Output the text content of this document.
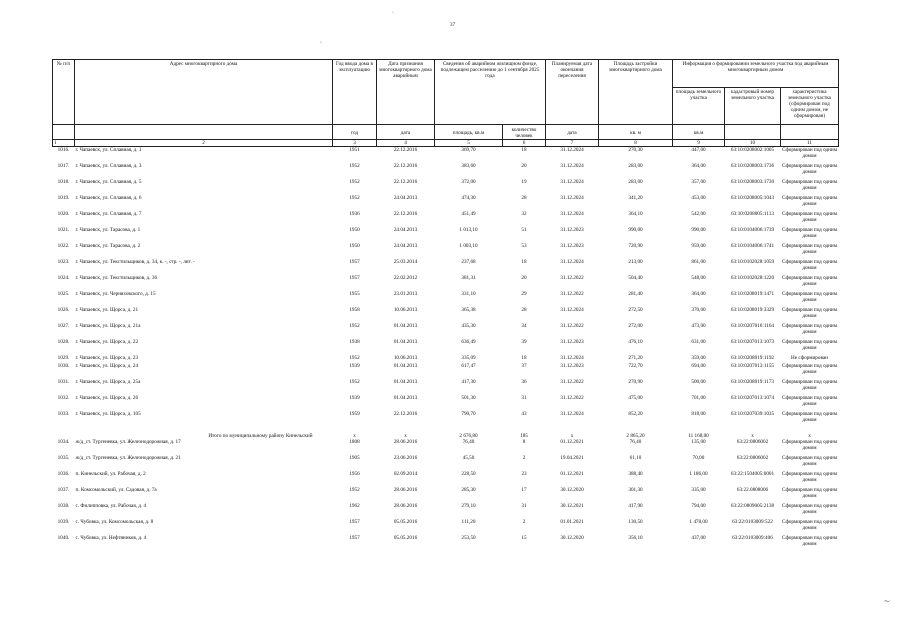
37
·
·
⁓
№ п/п	Адрес многоквартирного дома	Год ввода дома в эксплуатацию	Дата признания многоквартирного дома аварийным	Сведения об аварийном жилищном фонде, подлежащем расселению до 1 сентября 2025 года		Планируемая дата окончания переселения	Площадь застройки многоквартирного дома	Информация о формировании земельного участка под аварийным многоквартирным домом		
								площадь земельного участка	кадастровый номер земельного участка	характеристика земельного участка (сформирован под одним домом, не сформирован)
		год	дата	площадь, кв.м	количество человек	дата	кв. м	кв.м		
1	2	3	4	5	6	7	8	9	10	11
1016.	г. Чапаевск, ул. Сплавная, д. 1	1951	22.12.2016	369,70	18	31.12.2024	270,30	447,00	63:10:0208002:1005	Сформирован под одним домом
1017.	г. Чапаевск, ул. Сплавная, д. 3	1952	22.12.2016	383,60	20	31.12.2024	283,00	364,00	63:10:0208003:1736	Сформирован под одним домом
1018.	г. Чапаевск, ул. Сплавная, д. 5	1952	22.12.2016	372,00	19	31.12.2024	283,00	357,00	63:10:0208003:1730	Сформирован под одним домом
1019.	г. Чапаевск, ул. Сплавная, д. 6	1952	24.04.2013	474,30	28	31.12.2024	341,20	453,00	63:10:0208005:1043	Сформирован под одним домом
1020.	г. Чапаевск, ул. Сплавная, д. 7	1936	22.12.2016	451,49	32	31.12.2024	364,10	542,00	63:10:0208005:1113	Сформирован под одним домом
1021.	г. Чапаевск, ул. Тарасова, д. 1	1950	24.04.2013	1 013,10	51	31.12.2023	990,00	990,00	63:10:0104006:1739	Сформирован под одним домом
1022.	г. Чапаевск, ул. Тарасова, д. 2	1950	24.04.2013	1 003,10	53	31.12.2023	720,90	959,00	63:10:0104006:1741	Сформирован под одним домом
1023.	г. Чапаевск, ул. Текстильщиков, д. 34, к. -, стр. -, лит. -	1957	25.03.2014	237,68	18	31.12.2024	213,00	861,00	63:10:0102028:1059	Сформирован под одним домом
1024.	г. Чапаевск, ул. Текстильщиков, д. 36	1957	22.02.2012	381,31	20	31.12.2022	504,40	548,00	63:10:0102028:1220	Сформирован под одним домом
1025.	г. Чапаевск, ул. Черняховского, д. 15	1955	23.01.2013	331,10	29	31.12.2022	281,40	364,00	63:10:0208019:1471	Сформирован под одним домом
1026.	г. Чапаевск, ул. Щорса, д. 21	1958	10.06.2013	365,38	28	31.12.2024	272,50	370,00	63:10:0208019:3329	Сформирован под одним домом
1027.	г. Чапаевск, ул. Щорса, д. 21а	1952	01.04.2013	435,30	34	31.12.2022	272,00	473,00	63:10:0207016:1164	Сформирован под одним домом
1028.	г. Чапаевск, ул. Щорса, д. 22	1938	01.04.2013	636,49	39	31.12.2023	476,10	631,00	63:10:0207013:1073	Сформирован под одним домом
1029.	г. Чапаевск, ул. Щорса, д. 23	1952	10.06.2013	335,09	18	31.12.2024	271,20	359,00	63:10:0208019:1192	Не сформирован
1030.	г. Чапаевск, ул. Щорса, д. 24	1939	01.04.2013	617,47	37	31.12.2023	722,70	694,00	63:10:0207013:1155	Сформирован под одним домом
1031.	г. Чапаевск, ул. Щорса, д. 25а	1952	01.04.2013	417,30	36	31.12.2022	270,90	500,00	63:10:0208019:1173	Сформирован под одним домом
1032.	г. Чапаевск, ул. Щорса, д. 26	1939	01.04.2013	501,30	31	31.12.2022	475,00	701,00	63:10:0207013:1074	Сформирован под одним домом
1033.	г. Чапаевск, ул. Щорса, д. 105	1959	22.12.2016	790,70	43	31.12.2024	852,20	818,00	63:10:0207039:1035	Сформирован под одним домом
	Итого по муниципальному району Кинельский	х	х	2 676,80	185	х	2 865,20	11 168,00	х	х
1034.	ж/д_ст. Тургеневка, ул. Железнодорожная, д. 17	1808	28.06.2016	76,40	8	01.12.2021	76,40	135,00	63:22:0806002	Сформирован под одним домом
1035.	ж/д_ст. Тургеневка, ул. Железнодорожная, д. 21	1905	23.06.2016	45,50	2	19.04.2021	61,10	70,00	63:22:0806002	Сформирован под одним домом
1036.	п. Кинельский, ул. Рабочая, д. 2	1956	02.09.2014	228,50	23	01.12.2021	388,40	1 186,00	63:22:1504005:0001	Сформирован под одним домом
1037.	п. Комсомольский, ул. Садовая, д. 7а	1952	28.06.2016	285,30	17	30.12.2020	301,30	335,00	63:22.0808006	Сформирован под одним домом
1038.	с. Филипповка, ул. Рабочая, д. 4	1962	28.06.2016	279,10	31	30.12.2021	417,90	794,00	63:22:0809005:2138	Сформирован под одним домом
1039.	с. Чубовка, ул. Комсомольская, д. 8	1957	05.05.2016	111,20	2	01.01.2021	130,50	1 478,00	63:22:0103009:522	Сформирован под одним домом
1040.	с. Чубовка, ул. Нефтяников, д. 4	1957	05.05.2016	253,50	15	30.12.2020	356,10	437,00	63:22:0103009:406	Сформирован под одним домом
